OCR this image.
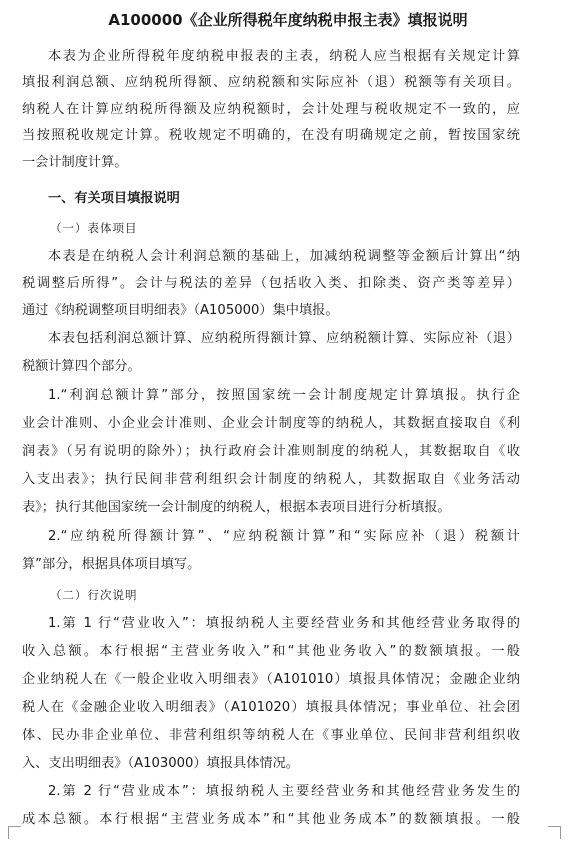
A100000《企业所得税年度纳税申报主表》填报说明
本表为企业所得税年度纳税申报表的主表，纳税人应当根据有关规定计算
填报利润总额、应纳税所得额、应纳税额和实际应补（退）税额等有关项目。
纳税人在计算应纳税所得额及应纳税额时，会计处理与税收规定不一致的，应
当按照税收规定计算。税收规定不明确的，在没有明确规定之前，暂按国家统
一会计制度计算。
一、有关项目填报说明
（一）表体项目
本表是在纳税人会计利润总额的基础上，加减纳税调整等金额后计算出“纳
税调整后所得”。会计与税法的差异（包括收入类、扣除类、资产类等差异）
通过《纳税调整项目明细表》（A105000）集中填报。
本表包括利润总额计算、应纳税所得额计算、应纳税额计算、实际应补（退）
税额计算四个部分。
1.“利润总额计算”部分，按照国家统一会计制度规定计算填报。执行企
业会计准则、小企业会计准则、企业会计制度等的纳税人，其数据直接取自《利
润表》（另有说明的除外）；执行政府会计准则制度的纳税人，其数据取自《收
入支出表》；执行民间非营利组织会计制度的纳税人，其数据取自《业务活动
表》；执行其他国家统一会计制度的纳税人，根据本表项目进行分析填报。
2.“应纳税所得额计算”、“应纳税额计算”和“实际应补（退）税额计
算”部分，根据具体项目填写。
（二）行次说明
1.第 1 行“营业收入”：填报纳税人主要经营业务和其他经营业务取得的
收入总额。本行根据“主营业务收入”和“其他业务收入”的数额填报。一般
企业纳税人在《一般企业收入明细表》（A101010）填报具体情况；金融企业纳
税人在《金融企业收入明细表》（A101020）填报具体情况；事业单位、社会团
体、民办非企业单位、非营利组织等纳税人在《事业单位、民间非营利组织收
入、支出明细表》（A103000）填报具体情况。
2.第 2 行“营业成本”：填报纳税人主要经营业务和其他经营业务发生的
成本总额。本行根据“主营业务成本”和“其他业务成本”的数额填报。一般
